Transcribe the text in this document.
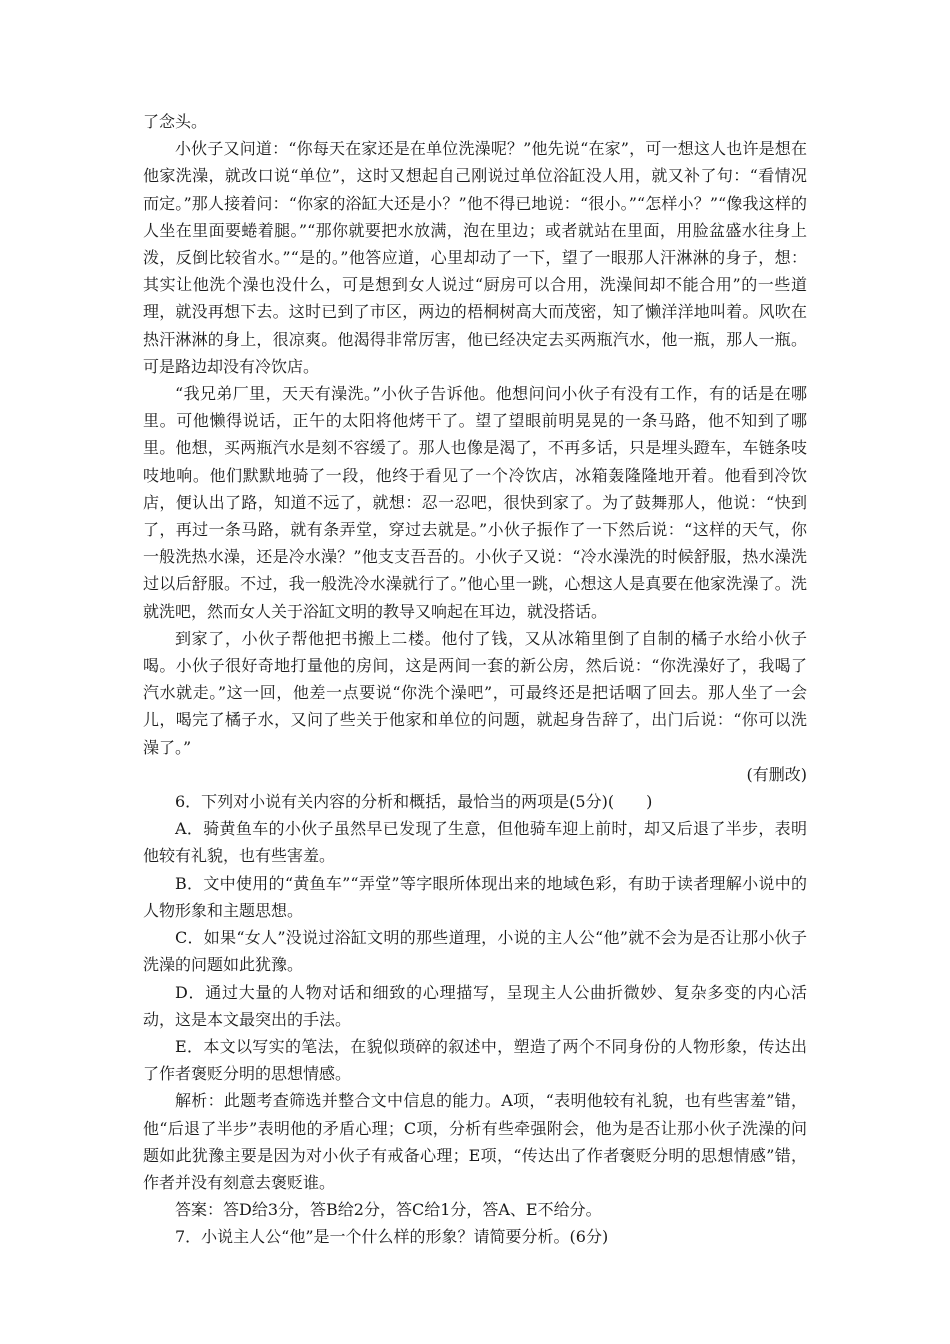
了念头。

小伙子又问道：“你每天在家还是在单位洗澡呢？”他先说“在家”，可一想这人也许是想在他家洗澡，就改口说“单位”，这时又想起自己刚说过单位浴缸没人用，就又补了句：“看情况而定。”那人接着问：“你家的浴缸大还是小？”他不得已地说：“很小。”“怎样小？”“像我这样的人坐在里面要蜷着腿。”“那你就要把水放满，泡在里边；或者就站在里面，用脸盆盛水往身上泼，反倒比较省水。”“是的。”他答应道，心里却动了一下，望了一眼那人汗淋淋的身子，想：其实让他洗个澡也没什么，可是想到女人说过“厨房可以合用，洗澡间却不能合用”的一些道理，就没再想下去。这时已到了市区，两边的梧桐树高大而茂密，知了懒洋洋地叫着。风吹在热汗淋淋的身上，很凉爽。他渴得非常厉害，他已经决定去买两瓶汽水，他一瓶，那人一瓶。可是路边却没有冷饮店。

“我兄弟厂里，天天有澡洗。”小伙子告诉他。他想问问小伙子有没有工作，有的话是在哪里。可他懒得说话，正午的太阳将他烤干了。望了望眼前明晃晃的一条马路，他不知到了哪里。他想，买两瓶汽水是刻不容缓了。那人也像是渴了，不再多话，只是埋头蹬车，车链条吱吱地响。他们默默地骑了一段，他终于看见了一个冷饮店，冰箱轰隆隆地开着。他看到冷饮店，便认出了路，知道不远了，就想：忍一忍吧，很快到家了。为了鼓舞那人，他说：“快到了，再过一条马路，就有条弄堂，穿过去就是。”小伙子振作了一下然后说：“这样的天气，你一般洗热水澡，还是冷水澡？”他支支吾吾的。小伙子又说：“冷水澡洗的时候舒服，热水澡洗过以后舒服。不过，我一般洗冷水澡就行了。”他心里一跳，心想这人是真要在他家洗澡了。洗就洗吧，然而女人关于浴缸文明的教导又响起在耳边，就没搭话。

到家了，小伙子帮他把书搬上二楼。他付了钱，又从冰箱里倒了自制的橘子水给小伙子喝。小伙子很好奇地打量他的房间，这是两间一套的新公房，然后说：“你洗澡好了，我喝了汽水就走。”这一回，他差一点要说“你洗个澡吧”，可最终还是把话咽了回去。那人坐了一会儿，喝完了橘子水，又问了些关于他家和单位的问题，就起身告辞了，出门后说：“你可以洗澡了。”

(有删改)

6．下列对小说有关内容的分析和概括，最恰当的两项是(5分)(　　)

A．骑黄鱼车的小伙子虽然早已发现了生意，但他骑车迎上前时，却又后退了半步，表明他较有礼貌，也有些害羞。

B．文中使用的“黄鱼车”“弄堂”等字眼所体现出来的地域色彩，有助于读者理解小说中的人物形象和主题思想。

C．如果“女人”没说过浴缸文明的那些道理，小说的主人公“他”就不会为是否让那小伙子洗澡的问题如此犹豫。

D．通过大量的人物对话和细致的心理描写，呈现主人公曲折微妙、复杂多变的内心活动，这是本文最突出的手法。

E．本文以写实的笔法，在貌似琐碎的叙述中，塑造了两个不同身份的人物形象，传达出了作者褒贬分明的思想情感。

解析：此题考查筛选并整合文中信息的能力。A项，“表明他较有礼貌，也有些害羞”错，他“后退了半步”表明他的矛盾心理；C项，分析有些牵强附会，他为是否让那小伙子洗澡的问题如此犹豫主要是因为对小伙子有戒备心理；E项，“传达出了作者褒贬分明的思想情感”错，作者并没有刻意去褒贬谁。

答案：答D给3分，答B给2分，答C给1分，答A、E不给分。

7．小说主人公“他”是一个什么样的形象？请简要分析。(6分)
